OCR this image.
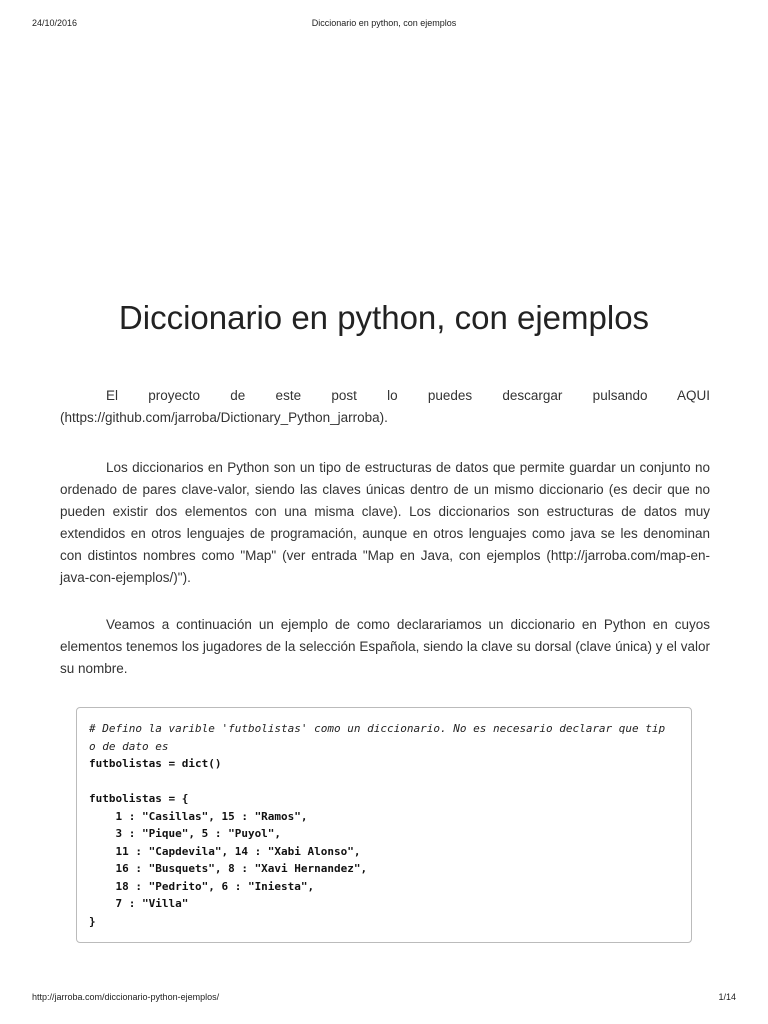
24/10/2016	Diccionario en python, con ejemplos
Diccionario en python, con ejemplos

El proyecto de este post lo puedes descargar pulsando AQUI (https://github.com/jarroba/Dictionary_Python_jarroba).

Los diccionarios en Python son un tipo de estructuras de datos que permite guardar un conjunto no ordenado de pares clave-valor, siendo las claves únicas dentro de un mismo diccionario (es decir que no pueden existir dos elementos con una misma clave). Los diccionarios son estructuras de datos muy extendidos en otros lenguajes de programación, aunque en otros lenguajes como java se les denominan con distintos nombres como "Map" (ver entrada "Map en Java, con ejemplos (http://jarroba.com/map-en-java-con-ejemplos/)").

Veamos a continuación un ejemplo de como declarariamos un diccionario en Python en cuyos elementos tenemos los jugadores de la selección Española, siendo la clave su dorsal (clave única) y el valor su nombre.

# Defino la varible 'futbolistas' como un diccionario. No es necesario declarar que tip
o de dato es
futbolistas = dict()
futbolistas = {
1 : "Casillas", 15 : "Ramos",
3 : "Pique", 5 : "Puyol",
11 : "Capdevila", 14 : "Xabi Alonso",
16 : "Busquets", 8 : "Xavi Hernandez",
18 : "Pedrito", 6 : "Iniesta",
7 : "Villa"
}
http://jarroba.com/diccionario-python-ejemplos/	1/14
